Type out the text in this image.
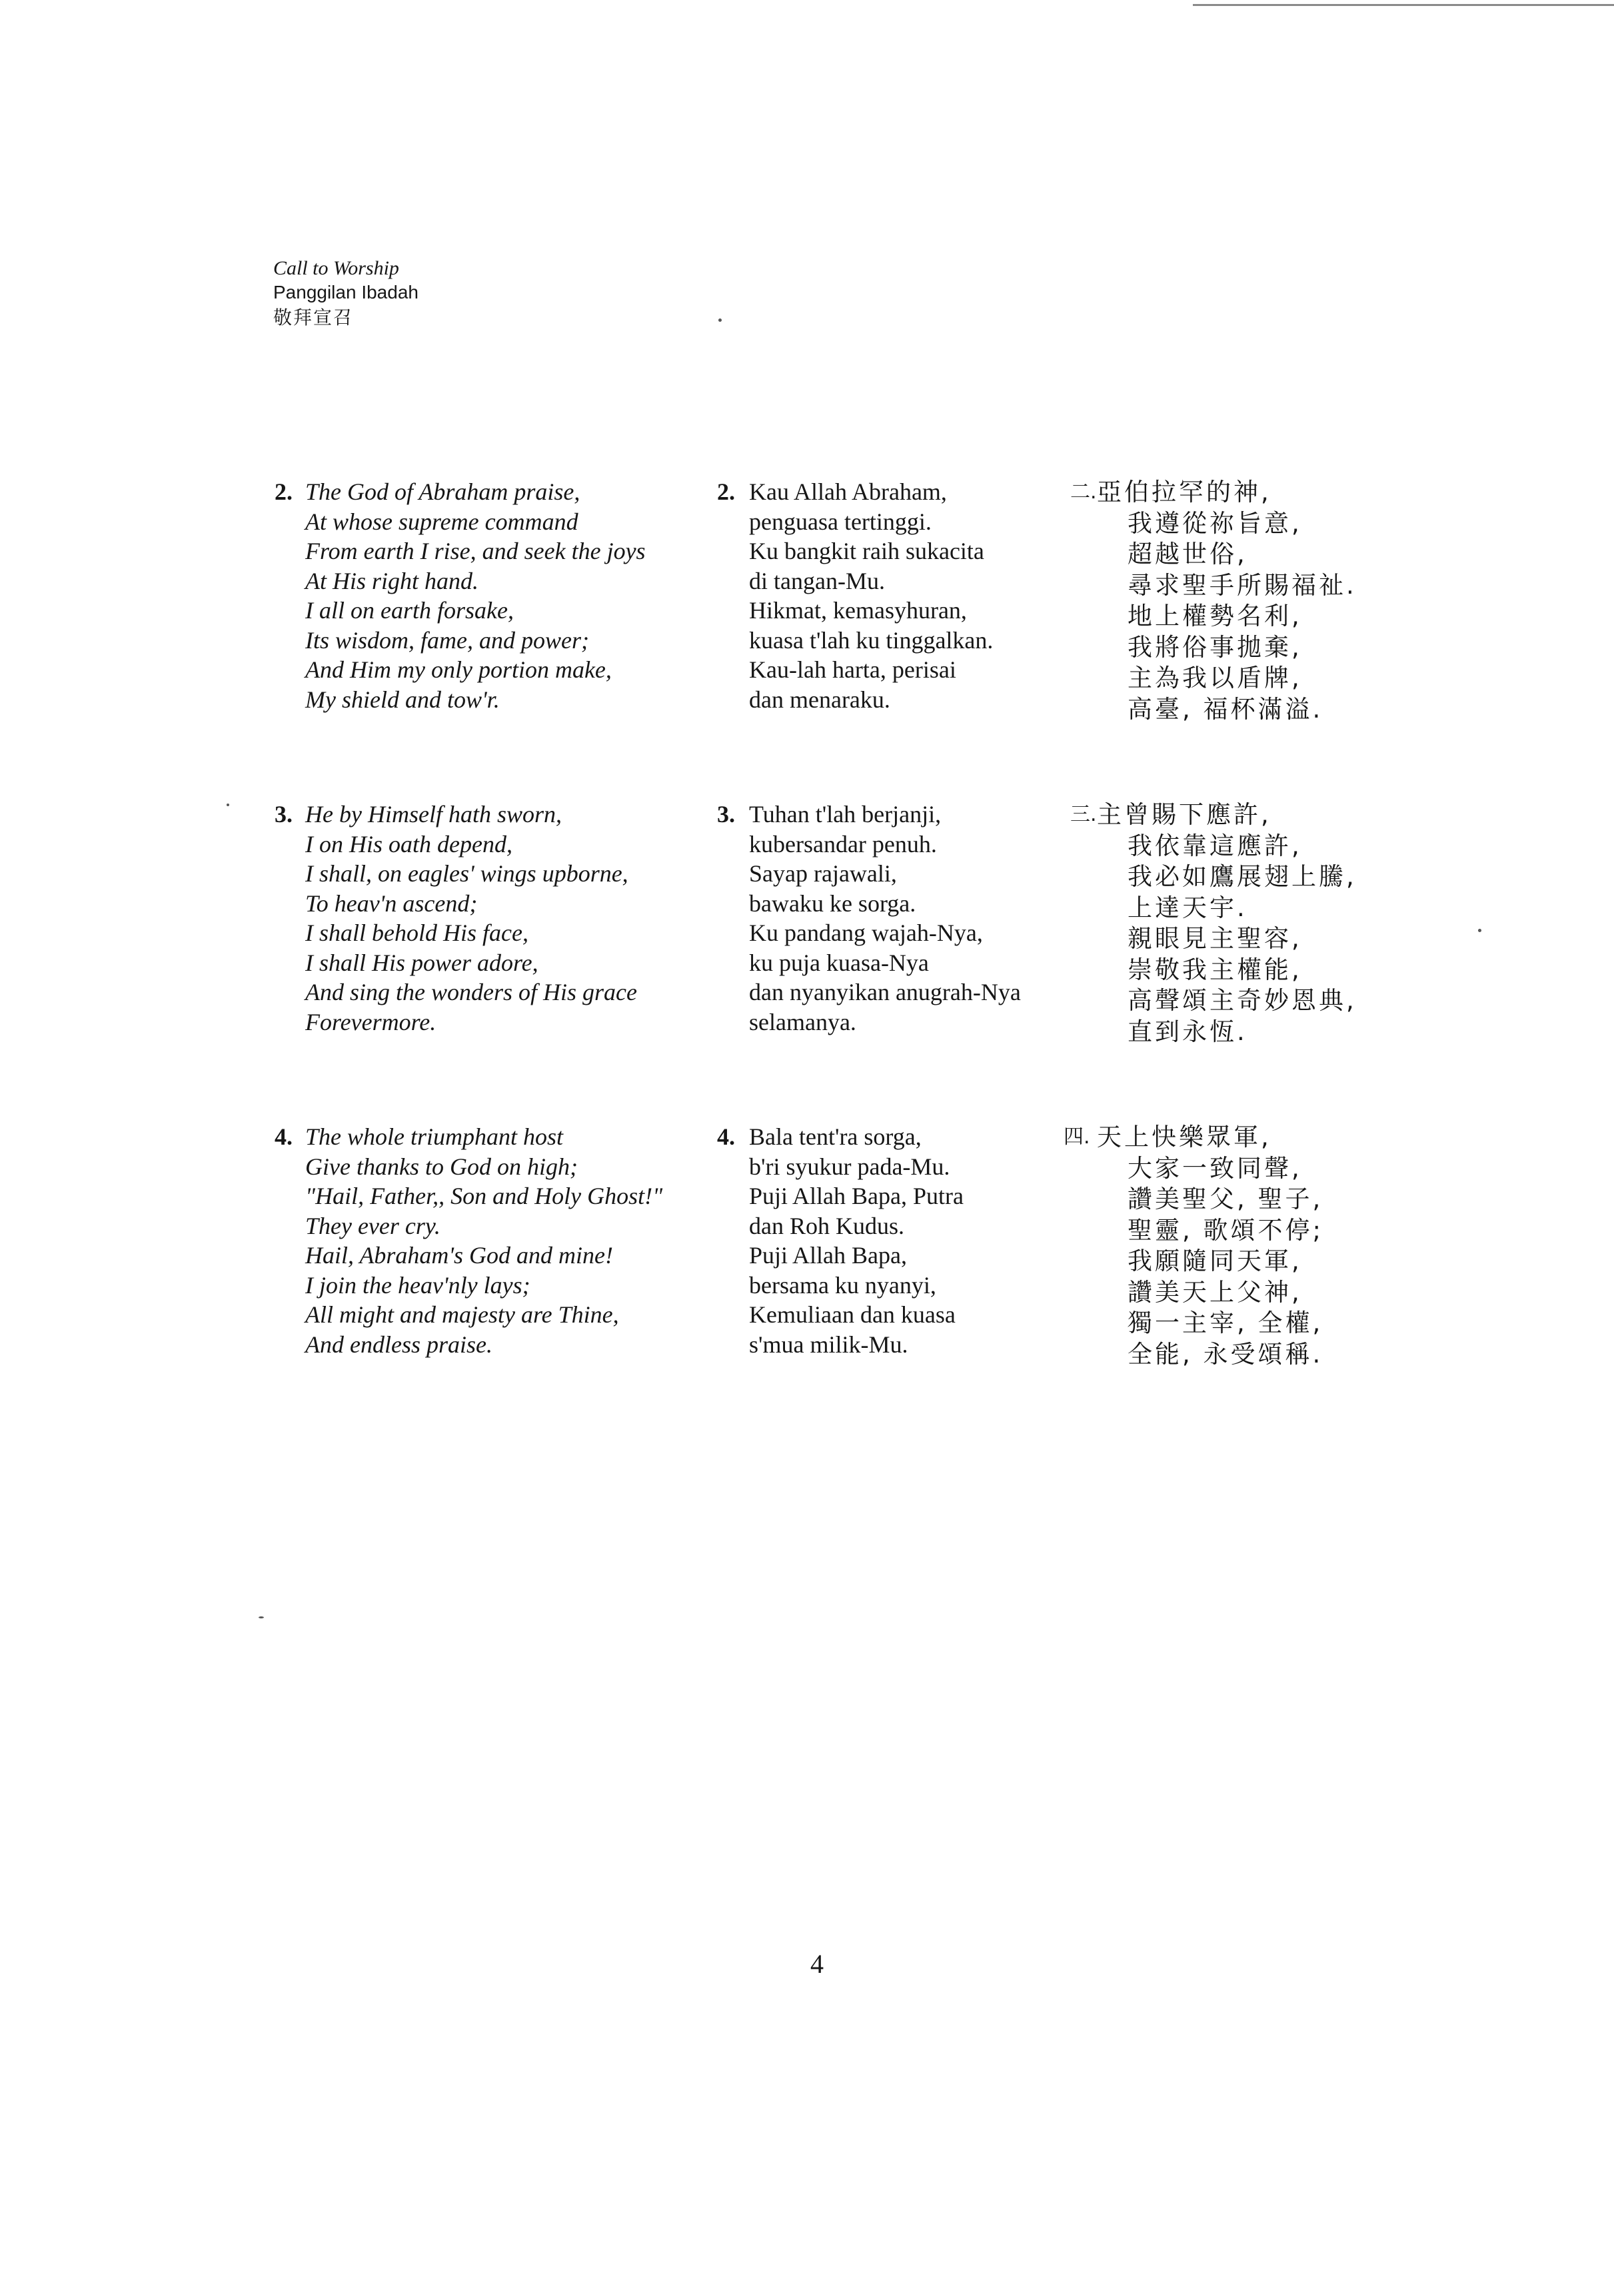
Call to Worship
Panggilan Ibadah
敬拜宣召
2. The God of Abraham praise,
At whose supreme command
From earth I rise, and seek the joys
At His right hand.
I all on earth forsake,
Its wisdom, fame, and power;
And Him my only portion make,
My shield and tow'r.
2. Kau Allah Abraham,
penguasa tertinggi.
Ku bangkit raih sukacita
di tangan-Mu.
Hikmat, kemasyhuran,
kuasa t'lah ku tinggalkan.
Kau-lah harta, perisai
dan menaraku.
二. 亞伯拉罕的神,
我遵從祢旨意,
超越世俗,
尋求聖手所賜福祉.
地上權勢名利,
我將俗事拋棄,
主為我以盾牌,
高臺, 福杯滿溢.
3. He by Himself hath sworn,
I on His oath depend,
I shall, on eagles' wings upborne,
To heav'n ascend;
I shall behold His face,
I shall His power adore,
And sing the wonders of His grace
Forevermore.
3. Tuhan t'lah berjanji,
kubersandar penuh.
Sayap rajawali,
bawaku ke sorga.
Ku pandang wajah-Nya,
ku puja kuasa-Nya
dan nyanyikan anugrah-Nya
selamanya.
三. 主曾賜下應許,
我依靠這應許,
我必如鷹展翅上騰,
上達天宇.
親眼見主聖容,
崇敬我主權能,
高聲頌主奇妙恩典,
直到永恆.
4. The whole triumphant host
Give thanks to God on high;
"Hail, Father,, Son and Holy Ghost!"
They ever cry.
Hail, Abraham's God and mine!
I join the heav'nly lays;
All might and majesty are Thine,
And endless praise.
4. Bala tent'ra sorga,
b'ri syukur pada-Mu.
Puji Allah Bapa, Putra
dan Roh Kudus.
Puji Allah Bapa,
bersama ku nyanyi,
Kemuliaan dan kuasa
s'mua milik-Mu.
四. 天上快樂眾軍,
大家一致同聲,
讚美聖父, 聖子,
聖靈, 歌頌不停;
我願隨同天軍,
讚美天上父神,
獨一主宰, 全權,
全能, 永受頌稱.
4
